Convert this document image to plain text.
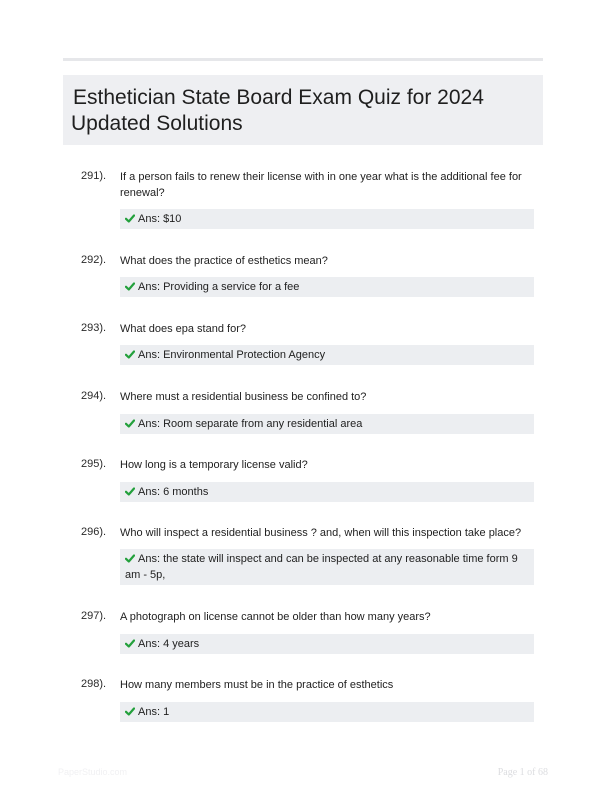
Esthetician State Board Exam Quiz for 2024 Updated Solutions
291). If a person fails to renew their license with in one year what is the additional fee for renewal?
Ans: $10
292). What does the practice of esthetics mean?
Ans: Providing a service for a fee
293). What does epa stand for?
Ans: Environmental Protection Agency
294). Where must a residential business be confined to?
Ans: Room separate from any residential area
295). How long is a temporary license valid?
Ans: 6 months
296). Who will inspect a residential business ? and, when will this inspection take place?
Ans: the state will inspect and can be inspected at any reasonable time form 9 am - 5p,
297). A photograph on license cannot be older than how many years?
Ans: 4 years
298). How many members must be in the practice of esthetics
Ans: 1
PaperStudio.com	Page 1 of 68
